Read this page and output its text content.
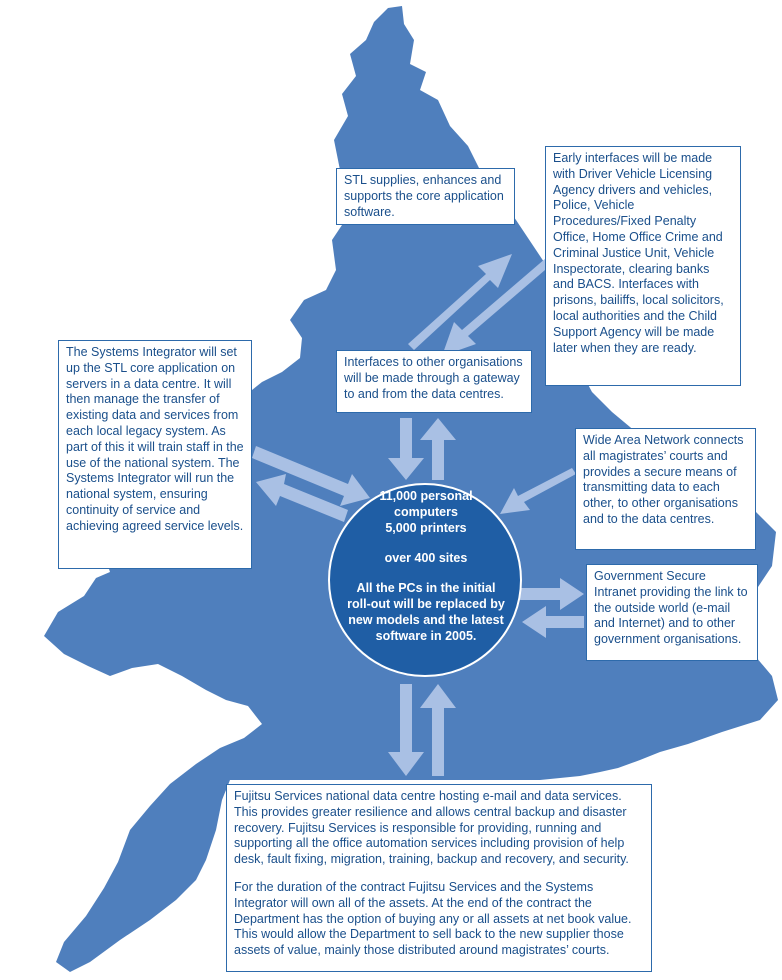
11,000 personal
computers
5,000 printers
over 400 sites
All the PCs in the initial
roll-out will be replaced by
new models and the latest
software in 2005.

STL supplies, enhances and supports the core application software.

Early interfaces will be made with Driver Vehicle Licensing Agency drivers and vehicles, Police, Vehicle Procedures/Fixed Penalty Office, Home Office Crime and Criminal Justice Unit, Vehicle Inspectorate, clearing banks and BACS. Interfaces with prisons, bailiffs, local solicitors, local authorities and the Child Support Agency will be made later when they are ready.

The Systems Integrator will set up the STL core application on servers in a data centre. It will then manage the transfer of existing data and services from each local legacy system. As part of this it will train staff in the use of the national system. The Systems Integrator will run the national system, ensuring continuity of service and achieving agreed service levels.

Interfaces to other organisations will be made through a gateway to and from the data centres.

Wide Area Network connects all magistrates’ courts and provides a secure means of transmitting data to each other, to other organisations and to the data centres.

Government Secure Intranet providing the link to the outside world (e-mail and Internet) and to other government organisations.

Fujitsu Services national data centre hosting e-mail and data services. This provides greater resilience and allows central backup and disaster recovery. Fujitsu Services is responsible for providing, running and supporting all the office automation services including provision of help desk, fault fixing, migration, training, backup and recovery, and security.

For the duration of the contract Fujitsu Services and the Systems Integrator will own all of the assets. At the end of the contract the Department has the option of buying any or all assets at net book value. This would allow the Department to sell back to the new supplier those assets of value, mainly those distributed around magistrates’ courts.
